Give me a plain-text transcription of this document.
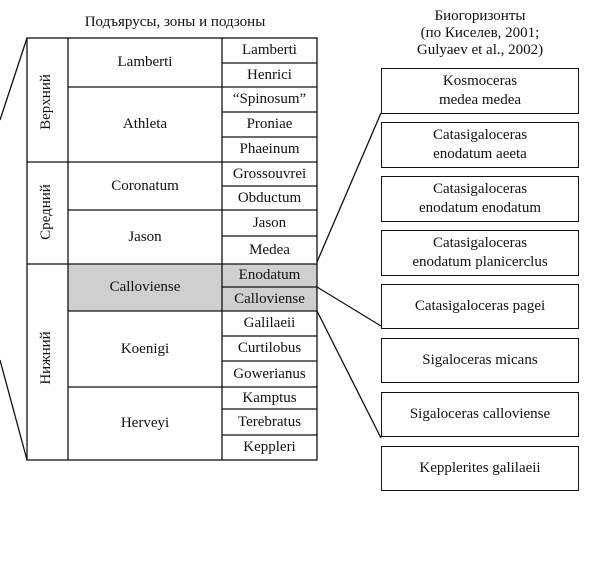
Подъярусы, зоны и подзоны	Биогоризонты
(по Киселев, 2001;
Gulyaev et al., 2002)
Верхний
Средний
Нижний
Lamberti
Athleta
Coronatum
Jason
Calloviense
Koenigi
Herveyi
Lamberti
Henrici
“Spinosum”
Proniae
Phaeinum
Grossouvrei
Obductum
Jason
Medea
Enodatum
Calloviense
Galilaeii
Curtilobus
Gowerianus
Kamptus
Terebratus
Keppleri
Kosmoceras
medea medea
Catasigaloceras
enodatum aeeta
Catasigaloceras
enodatum enodatum
Catasigaloceras
enodatum planicerclus
Catasigaloceras pagei
Sigaloceras micans
Sigaloceras calloviense
Kepplerites galilaeii
